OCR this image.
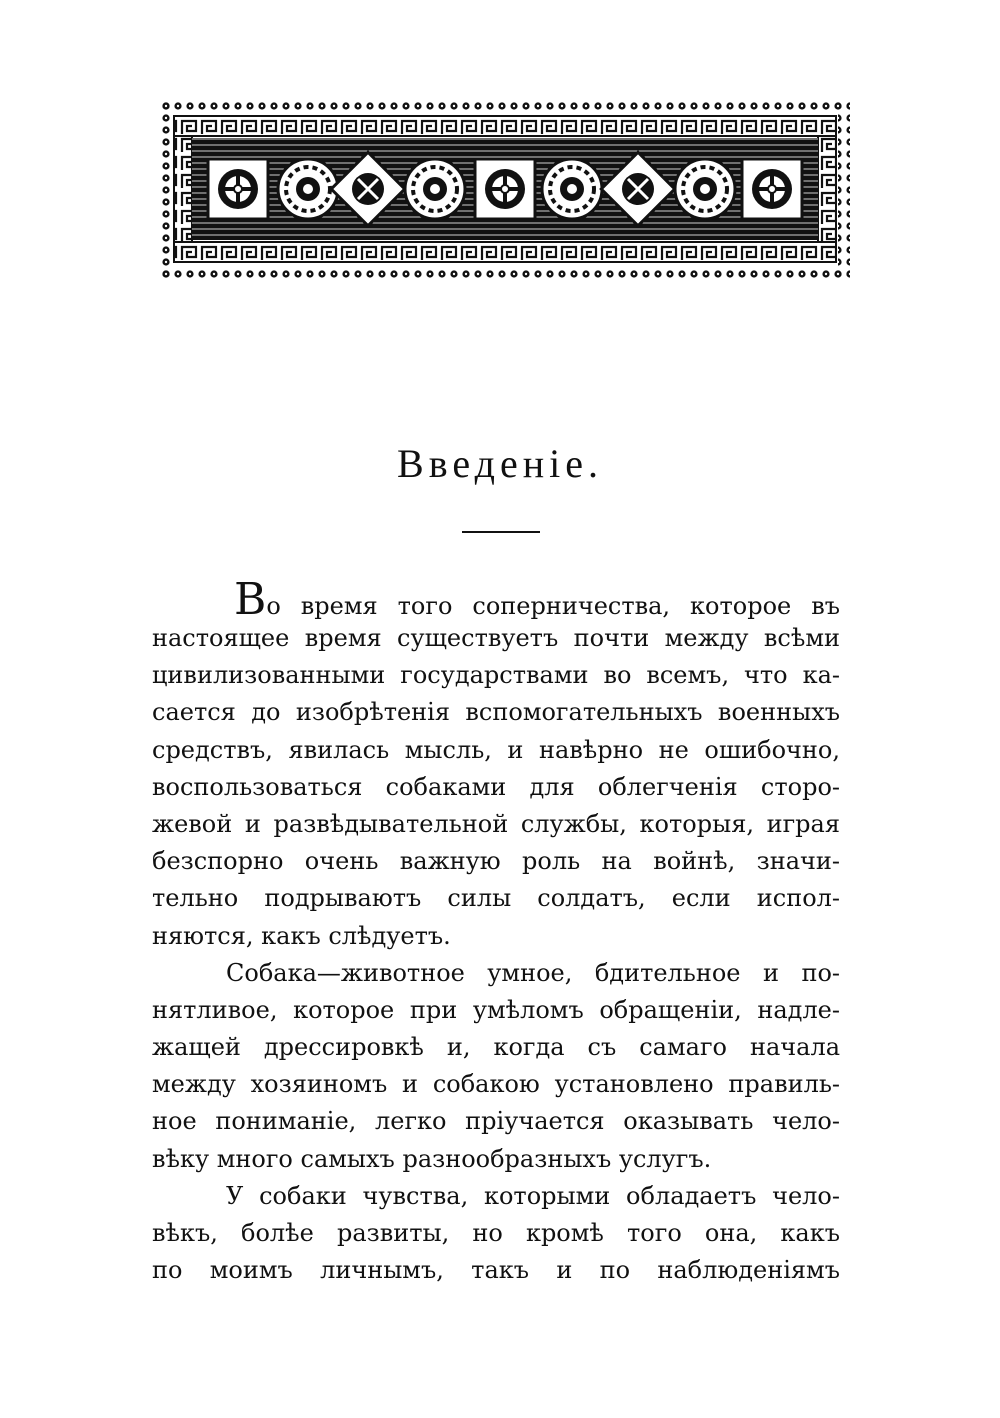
Введенiе.
Во время того соперничества, которое въ
настоящее время существуетъ почти между всѣми
цивилизованными государствами во всемъ, что ка-
сается до изобрѣтенiя вспомогательныхъ военныхъ
средствъ, явилась мысль, и навѣрно не ошибочно,
воспользоваться собаками для облегченiя сторо-
жевой и развѣдывательной службы, которыя, играя
безспорно очень важную роль на войнѣ, значи-
тельно подрываютъ силы солдатъ, если испол-
няются, какъ слѣдуетъ.
Собака—животное умное, бдительное и по-
нятливое, которое при умѣломъ обращенiи, надле-
жащей дрессировкѣ и, когда съ самаго начала
между хозяиномъ и собакою установлено правиль-
ное пониманiе, легко прiучается оказывать чело-
вѣку много самыхъ разнообразныхъ услугъ.
У собаки чувства, которыми обладаетъ чело-
вѣкъ, болѣе развиты, но кромѣ того она, какъ
по моимъ личнымъ, такъ и по наблюденiямъ
